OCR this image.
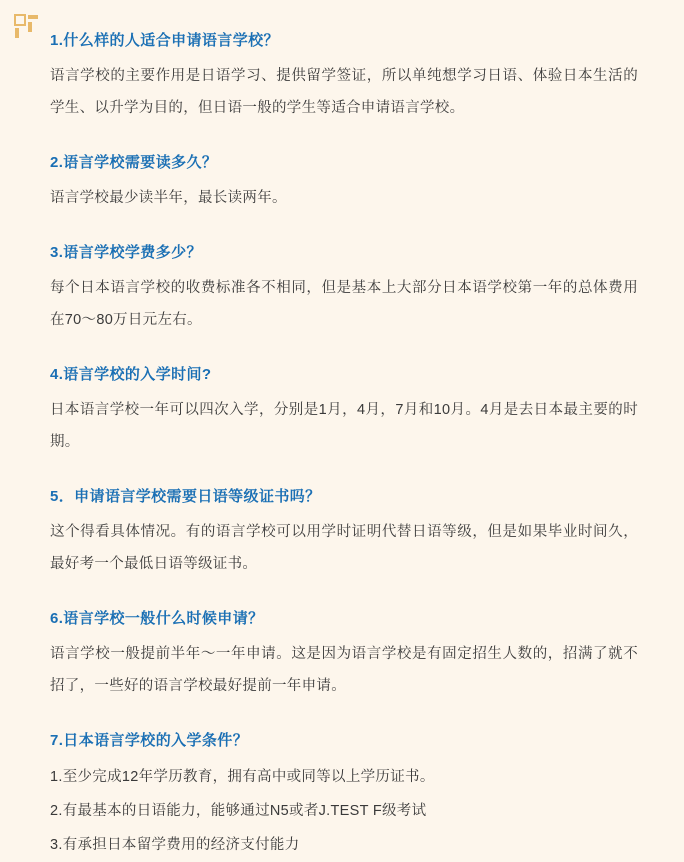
1.什么样的人适合申请语言学校？

语言学校的主要作用是日语学习、提供留学签证，所以单纯想学习日语、体验日本生活的学生、以升学为目的，但日语一般的学生等适合申请语言学校。

2.语言学校需要读多久？

语言学校最少读半年，最长读两年。

3.语言学校学费多少？

每个日本语言学校的收费标准各不相同，但是基本上大部分日本语学校第一年的总体费用在70～80万日元左右。

4.语言学校的入学时间?

日本语言学校一年可以四次入学，分别是1月，4月，7月和10月。4月是去日本最主要的时期。

5．申请语言学校需要日语等级证书吗？

这个得看具体情况。有的语言学校可以用学时证明代替日语等级，但是如果毕业时间久，最好考一个最低日语等级证书。

6.语言学校一般什么时候申请？

语言学校一般提前半年～一年申请。这是因为语言学校是有固定招生人数的，招满了就不招了，一些好的语言学校最好提前一年申请。

7.日本语言学校的入学条件？

1.至少完成12年学历教育，拥有高中或同等以上学历证书。

2.有最基本的日语能力，能够通过N5或者J.TEST F级考试

3.有承担日本留学费用的经济支付能力
